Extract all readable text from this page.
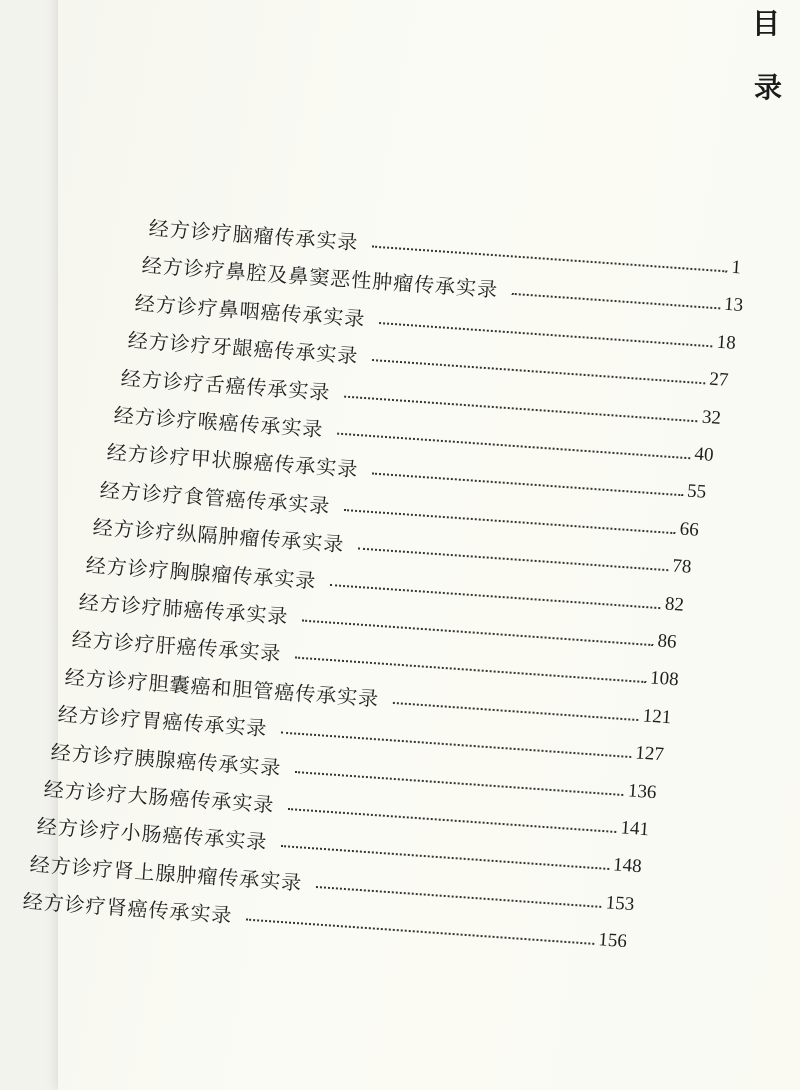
目
录
经方诊疗脑瘤传承实录
1
经方诊疗鼻腔及鼻窦恶性肿瘤传承实录
13
经方诊疗鼻咽癌传承实录
18
经方诊疗牙龈癌传承实录
27
经方诊疗舌癌传承实录
32
经方诊疗喉癌传承实录
40
经方诊疗甲状腺癌传承实录
55
经方诊疗食管癌传承实录
66
经方诊疗纵隔肿瘤传承实录
78
经方诊疗胸腺瘤传承实录
82
经方诊疗肺癌传承实录
86
经方诊疗肝癌传承实录
108
经方诊疗胆囊癌和胆管癌传承实录
121
经方诊疗胃癌传承实录
127
经方诊疗胰腺癌传承实录
136
经方诊疗大肠癌传承实录
141
经方诊疗小肠癌传承实录
148
经方诊疗肾上腺肿瘤传承实录
153
经方诊疗肾癌传承实录
156
